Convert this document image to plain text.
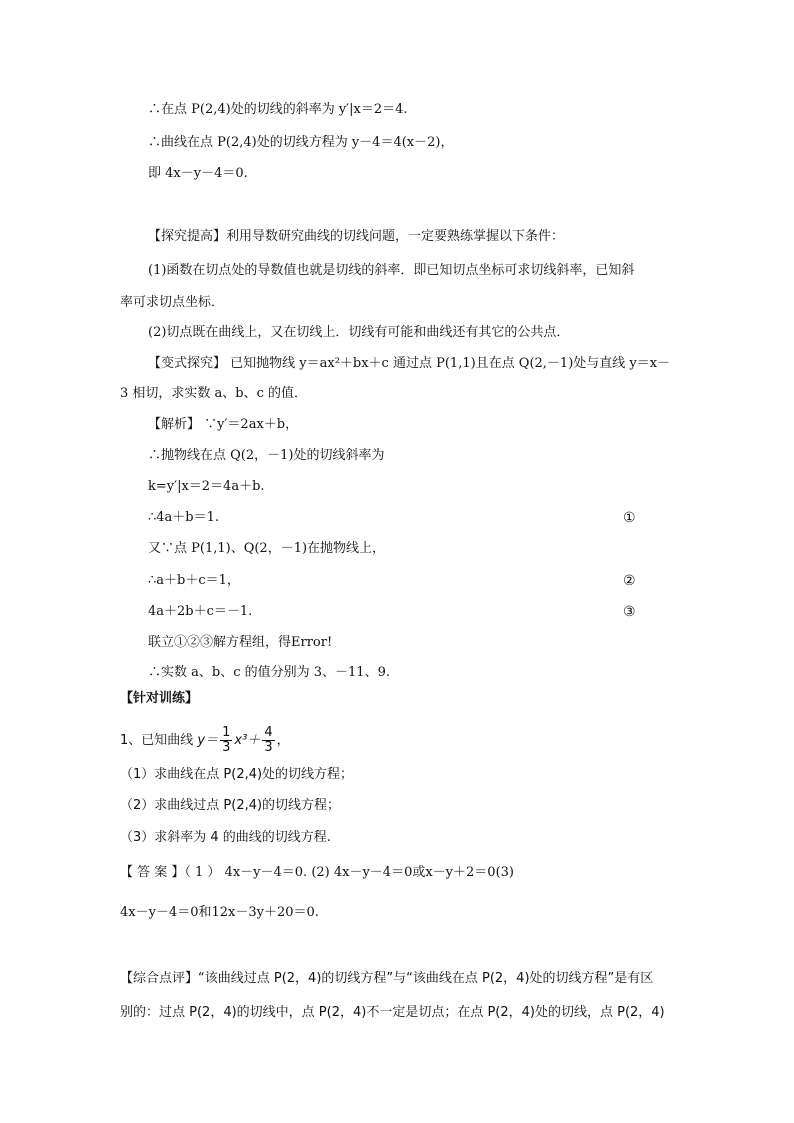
∴在点 P(2,4)处的切线的斜率为 y′|x＝2＝4.
∴曲线在点 P(2,4)处的切线方程为 y－4＝4(x－2)，
即 4x－y－4＝0.
【探究提高】利用导数研究曲线的切线问题，一定要熟练掌握以下条件：
(1)函数在切点处的导数值也就是切线的斜率．即已知切点坐标可求切线斜率，已知斜
率可求切点坐标．
(2)切点既在曲线上，又在切线上．切线有可能和曲线还有其它的公共点．
【变式探究】 已知抛物线 y＝ax²＋bx＋c 通过点 P(1,1)且在点 Q(2,－1)处与直线 y＝x－
3 相切，求实数 a、b、c 的值．
【解析】 ∵y′＝2ax＋b，
∴抛物线在点 Q(2，－1)处的切线斜率为
k=y′|x＝2＝4a＋b.
∴4a＋b＝1.	①
又∵点 P(1,1)、Q(2，－1)在抛物线上，
∴a＋b＋c＝1，	②
4a＋2b＋c＝－1.	③
联立①②③解方程组，得Error!
∴实数 a、b、c 的值分别为 3、－11、9.
【针对训练】
1、已知曲线 $y= \frac{1}{3} x^3+ \frac{4}{3}$ ，
（1）求曲线在点 P(2,4)处的切线方程；
（2）求曲线过点 P(2,4)的切线方程；
（3）求斜率为 4 的曲线的切线方程.
【 答 案 】（ 1 ） 4x－y－4＝0. (2) 4x－y－4＝0或x－y＋2＝0(3)
4x－y－4＝0和12x－3y＋20＝0.
【综合点评】“该曲线过点 P(2，4)的切线方程”与“该曲线在点 P(2，4)处的切线方程”是有区
别的：过点 P(2，4)的切线中，点 P(2，4)不一定是切点；在点 P(2，4)处的切线，点 P(2，4)
